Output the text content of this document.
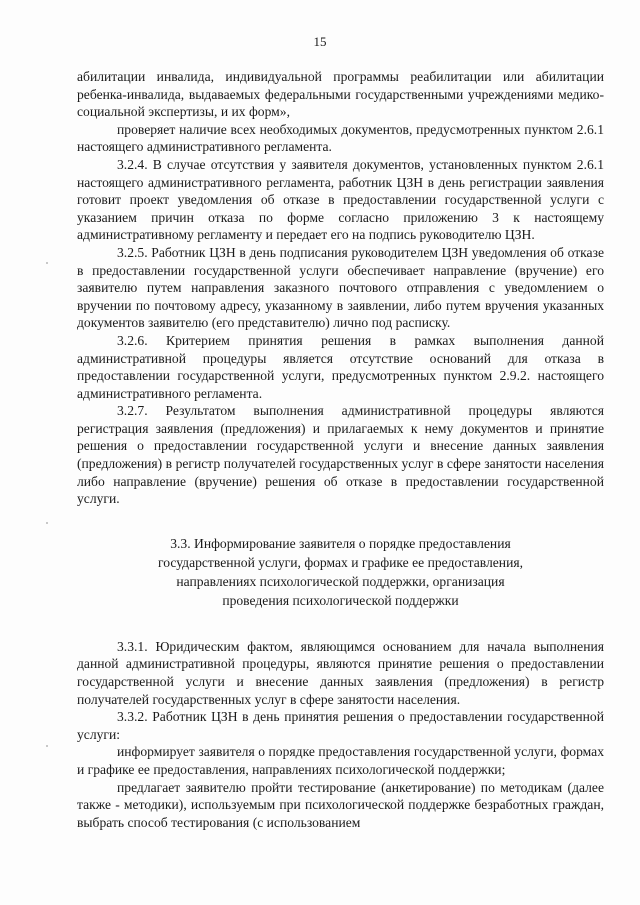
15

абилитации инвалида, индивидуальной программы реабилитации или абилитации ребенка-инвалида, выдаваемых федеральными государственными учреждениями медико-социальной экспертизы, и их форм»,

проверяет наличие всех необходимых документов, предусмотренных пунктом 2.6.1 настоящего административного регламента.

3.2.4. В случае отсутствия у заявителя документов, установленных пунктом 2.6.1 настоящего административного регламента, работник ЦЗН в день регистрации заявления готовит проект уведомления об отказе в предоставлении государственной услуги с указанием причин отказа по форме согласно приложению 3 к настоящему административному регламенту и передает его на подпись руководителю ЦЗН.

3.2.5. Работник ЦЗН в день подписания руководителем ЦЗН уведомления об отказе в предоставлении государственной услуги обеспечивает направление (вручение) его заявителю путем направления заказного почтового отправления с уведомлением о вручении по почтовому адресу, указанному в заявлении, либо путем вручения указанных документов заявителю (его представителю) лично под расписку.

3.2.6. Критерием принятия решения в рамках выполнения данной административной процедуры является отсутствие оснований для отказа в предоставлении государственной услуги, предусмотренных пунктом 2.9.2. настоящего административного регламента.

3.2.7. Результатом выполнения административной процедуры являются регистрация заявления (предложения) и прилагаемых к нему документов и принятие решения о предоставлении государственной услуги и внесение данных заявления (предложения) в регистр получателей государственных услуг в сфере занятости населения либо направление (вручение) решения об отказе в предоставлении государственной услуги.

3.3. Информирование заявителя о порядке предоставления

государственной услуги, формах и графике ее предоставления,

направлениях психологической поддержки, организация

проведения психологической поддержки

3.3.1. Юридическим фактом, являющимся основанием для начала выполнения данной административной процедуры, являются принятие решения о предоставлении государственной услуги и внесение данных заявления (предложения) в регистр получателей государственных услуг в сфере занятости населения.

3.3.2. Работник ЦЗН в день принятия решения о предоставлении государственной услуги:

информирует заявителя о порядке предоставления государственной услуги, формах и графике ее предоставления, направлениях психологической поддержки;

предлагает заявителю пройти тестирование (анкетирование) по методикам (далее также - методики), используемым при психологической поддержке безработных граждан, выбрать способ тестирования (с использованием
